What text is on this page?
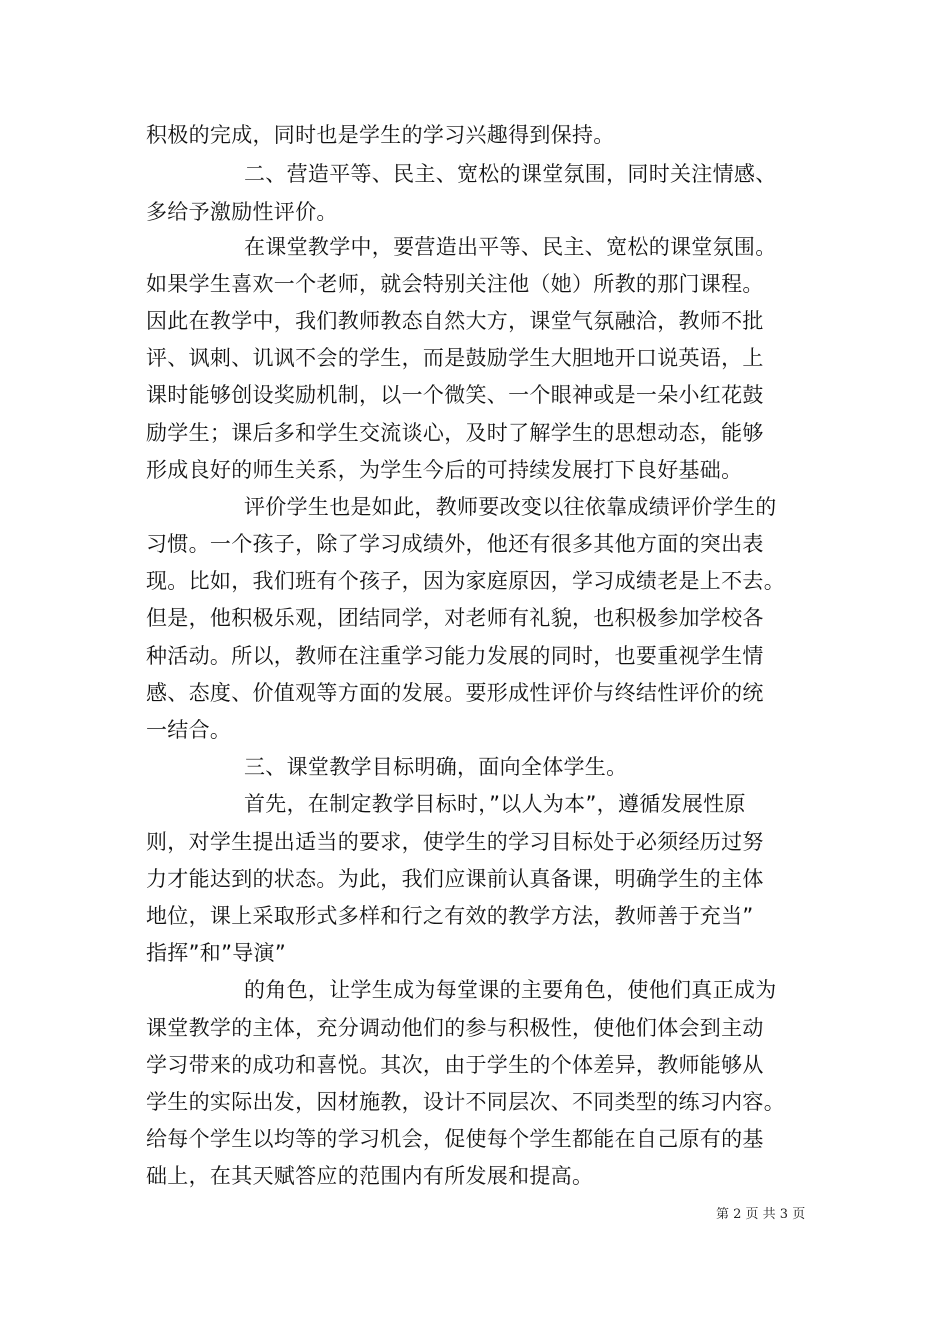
积极的完成，同时也是学生的学习兴趣得到保持。
二、营造平等、民主、宽松的课堂氛围，同时关注情感、
多给予激励性评价。
在课堂教学中，要营造出平等、民主、宽松的课堂氛围。
如果学生喜欢一个老师，就会特别关注他（她）所教的那门课程。
因此在教学中，我们教师教态自然大方，课堂气氛融洽，教师不批
评、讽刺、讥讽不会的学生，而是鼓励学生大胆地开口说英语，上
课时能够创设奖励机制，以一个微笑、一个眼神或是一朵小红花鼓
励学生；课后多和学生交流谈心，及时了解学生的思想动态，能够
形成良好的师生关系，为学生今后的可持续发展打下良好基础。
评价学生也是如此，教师要改变以往依靠成绩评价学生的
习惯。一个孩子，除了学习成绩外，他还有很多其他方面的突出表
现。比如，我们班有个孩子，因为家庭原因，学习成绩老是上不去。
但是，他积极乐观，团结同学，对老师有礼貌，也积极参加学校各
种活动。所以，教师在注重学习能力发展的同时，也要重视学生情
感、态度、价值观等方面的发展。要形成性评价与终结性评价的统
一结合。
三、课堂教学目标明确，面向全体学生。
首先，在制定教学目标时，”以人为本”，遵循发展性原
则，对学生提出适当的要求，使学生的学习目标处于必须经历过努
力才能达到的状态。为此，我们应课前认真备课，明确学生的主体
地位，课上采取形式多样和行之有效的教学方法，教师善于充当”
指挥”和”导演”
的角色，让学生成为每堂课的主要角色，使他们真正成为
课堂教学的主体，充分调动他们的参与积极性，使他们体会到主动
学习带来的成功和喜悦。其次，由于学生的个体差异，教师能够从
学生的实际出发，因材施教，设计不同层次、不同类型的练习内容。
给每个学生以均等的学习机会，促使每个学生都能在自己原有的基
础上，在其天赋答应的范围内有所发展和提高。
第 2 页 共 3 页
